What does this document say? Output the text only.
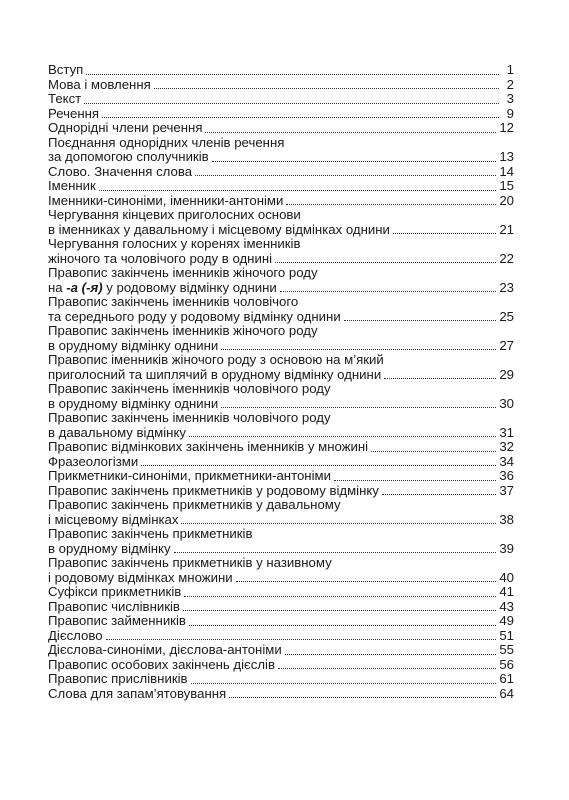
Вступ	1
Мова і мовлення	2
Текст	3
Речення	9
Однорідні члени речення	12
Поєднання однорідних членів речення
за допомогою сполучників	13
Слово. Значення слова	14
Іменник	15
Іменники-синоніми, іменники-антоніми	20
Чергування кінцевих приголосних основи
в іменниках у давальному і місцевому відмінках однини	21
Чергування голосних у коренях іменників
жіночого та чоловічого роду в однині	22
Правопис закінчень іменників жіночого роду
на -а (-я) у родовому відмінку однини	23
Правопис закінчень іменників чоловічого
та середнього роду у родовому відмінку однини	25
Правопис закінчень іменників жіночого роду
в орудному відмінку однини	27
Правопис іменників жіночого роду з основою на м’який
приголосний та шиплячий в орудному відмінку однини	29
Правопис закінчень іменників чоловічого роду
в орудному відмінку однини	30
Правопис закінчень іменників чоловічого роду
в давальному відмінку	31
Правопис відмінкових закінчень іменників у множині	32
Фразеологізми	34
Прикметники-синоніми, прикметники-антоніми	36
Правопис закінчень прикметників у родовому відмінку	37
Правопис закінчень прикметників у давальному
і місцевому відмінках	38
Правопис закінчень прикметників
в орудному відмінку	39
Правопис закінчень прикметників у називному
і родовому відмінках множини	40
Суфікси прикметників	41
Правопис числівників	43
Правопис займенників	49
Дієслово	51
Дієслова-синоніми, дієслова-антоніми	55
Правопис особових закінчень дієслів	56
Правопис прислівників	61
Слова для запам’ятовування	64
